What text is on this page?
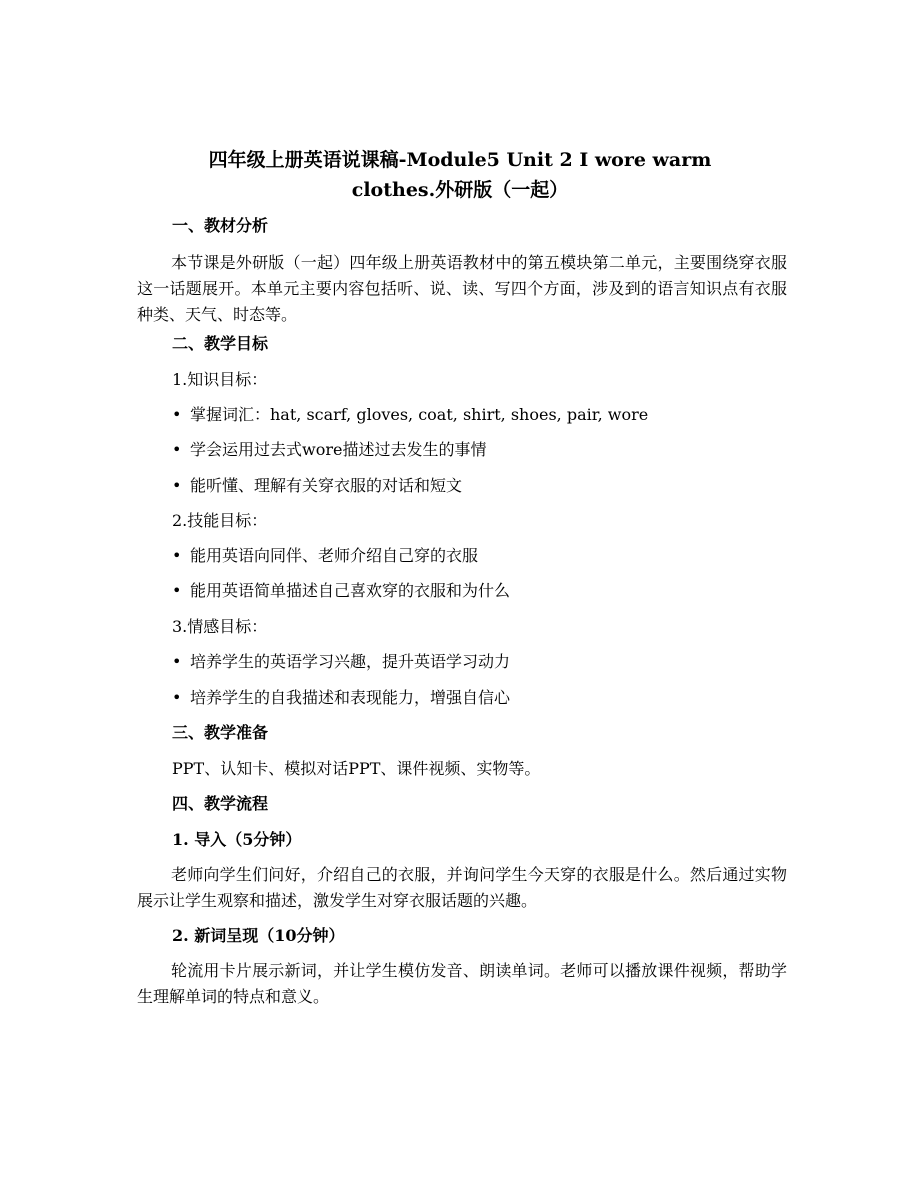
四年级上册英语说课稿-Module5 Unit 2 I wore warm
clothes.外研版（一起）
一、教材分析
本节课是外研版（一起）四年级上册英语教材中的第五模块第二单元，主要围绕穿衣服这一话题展开。本单元主要内容包括听、说、读、写四个方面，涉及到的语言知识点有衣服种类、天气、时态等。
二、教学目标
1.知识目标：
• 掌握词汇：hat, scarf, gloves, coat, shirt, shoes, pair, wore
• 学会运用过去式wore描述过去发生的事情
• 能听懂、理解有关穿衣服的对话和短文
2.技能目标：
• 能用英语向同伴、老师介绍自己穿的衣服
• 能用英语简单描述自己喜欢穿的衣服和为什么
3.情感目标：
• 培养学生的英语学习兴趣，提升英语学习动力
• 培养学生的自我描述和表现能力，增强自信心
三、教学准备
PPT、认知卡、模拟对话PPT、课件视频、实物等。
四、教学流程
1. 导入（5分钟）
老师向学生们问好，介绍自己的衣服，并询问学生今天穿的衣服是什么。然后通过实物展示让学生观察和描述，激发学生对穿衣服话题的兴趣。
2. 新词呈现（10分钟）
轮流用卡片展示新词，并让学生模仿发音、朗读单词。老师可以播放课件视频，帮助学生理解单词的特点和意义。
